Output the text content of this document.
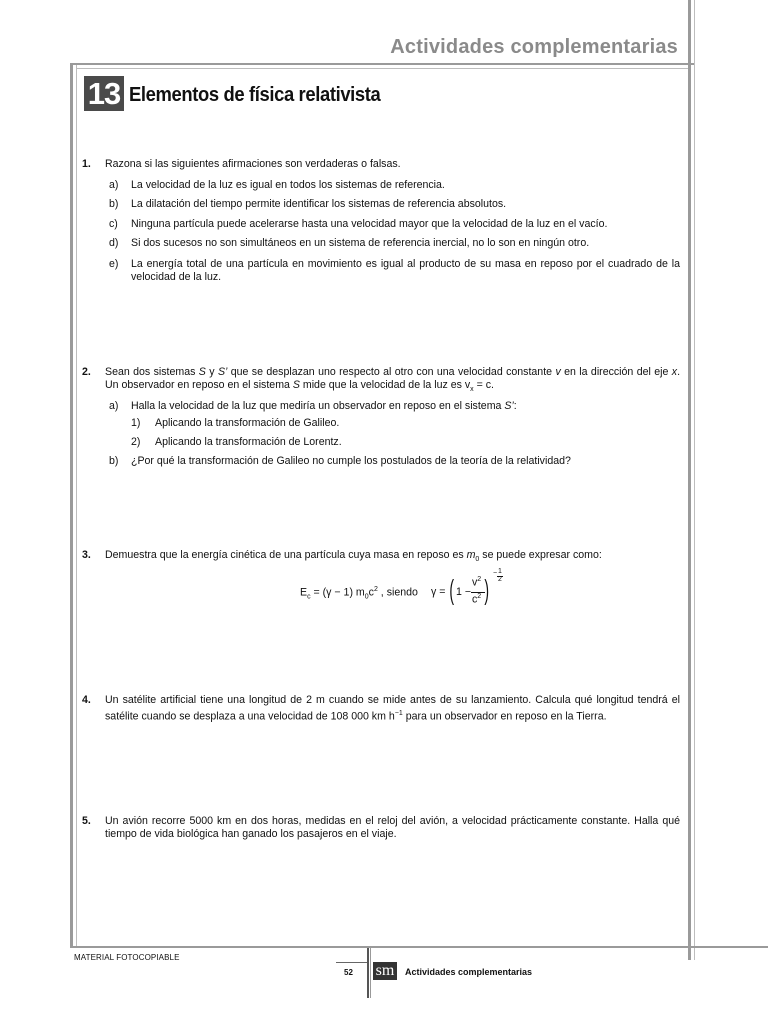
Actividades complementarias
13 Elementos de física relativista
1. Razona si las siguientes afirmaciones son verdaderas o falsas.
a) La velocidad de la luz es igual en todos los sistemas de referencia.
b) La dilatación del tiempo permite identificar los sistemas de referencia absolutos.
c) Ninguna partícula puede acelerarse hasta una velocidad mayor que la velocidad de la luz en el vacío.
d) Si dos sucesos no son simultáneos en un sistema de referencia inercial, no lo son en ningún otro.
e) La energía total de una partícula en movimiento es igual al producto de su masa en reposo por el cuadrado de la velocidad de la luz.
2. Sean dos sistemas S y S’ que se desplazan uno respecto al otro con una velocidad constante v en la dirección del eje x. Un observador en reposo en el sistema S mide que la velocidad de la luz es $v_x = c$.
a) Halla la velocidad de la luz que mediría un observador en reposo en el sistema S’:
1) Aplicando la transformación de Galileo.
2) Aplicando la transformación de Lorentz.
b) ¿Por qué la transformación de Galileo no cumple los postulados de la teoría de la relatividad?
3. Demuestra que la energía cinética de una partícula cuya masa en reposo es $m_0$ se puede expresar como:
$E_c = (\gamma - 1)$ $m_0c^2$ , siendo γ = ( 1 −
$v^2$
$c^2$ )
− 1
2
4. Un satélite artificial tiene una longitud de 2 m cuando se mide antes de su lanzamiento. Calcula qué longitud tendrá el satélite cuando se desplaza a una velocidad de 108 000 km $h^{-1}$ para un observador en reposo en la Tierra.
5. Un avión recorre 5000 km en dos horas, medidas en el reloj del avión, a velocidad prácticamente constante. Halla qué tiempo de vida biológica han ganado los pasajeros en el viaje.
MATERIAL FOTOCOPIABLE
52 sm Actividades complementarias
